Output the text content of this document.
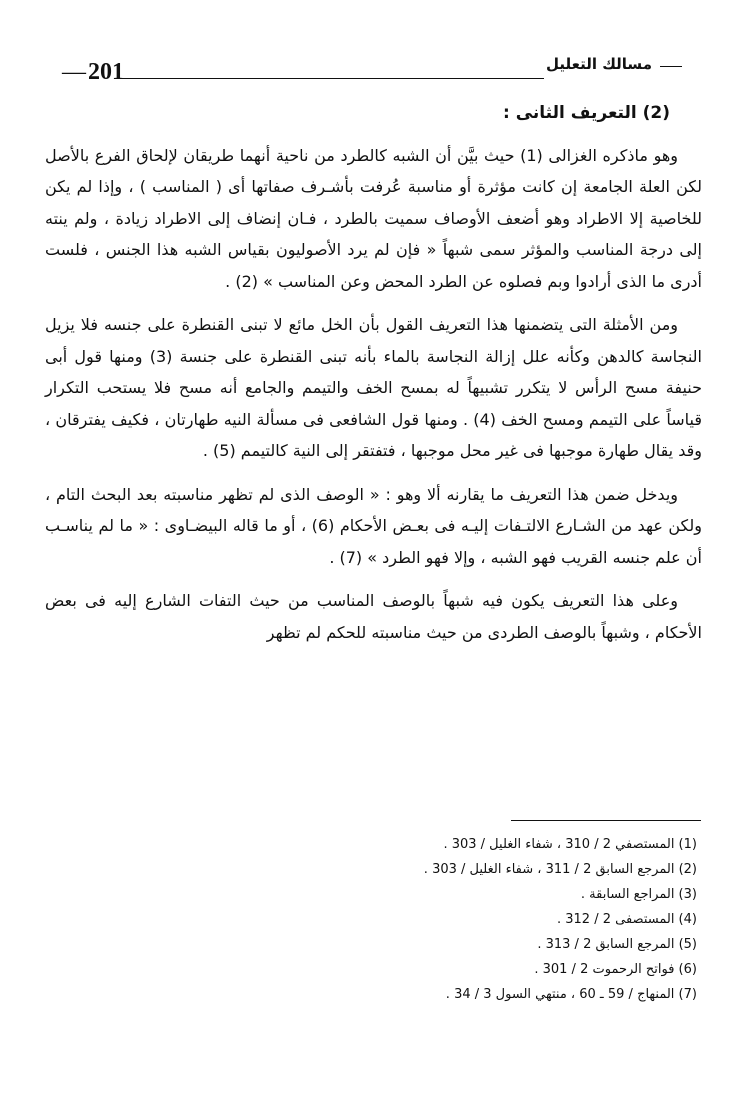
— 201	مسالك التعليل

(2) التعريف الثانى :

وهو ماذكره الغزالى (1) حيث بيَّن أن الشبه كالطرد من ناحية أنهما طريقان لإلحاق الفرع بالأصل لكن العلة الجامعة إن كانت مؤثرة أو مناسبة عُرفت بأشـرف صفاتها أى ( المناسب ) ، وإذا لم يكن للخاصية إلا الاطراد وهو أضعف الأوصاف سميت بالطرد ، فـان إنضاف إلى الاطراد زيادة ، ولم ينته إلى درجة المناسب والمؤثر سمى شبهاً « فإن لم يرد الأصوليون بقياس الشبه هذا الجنس ، فلست أدرى ما الذى أرادوا وبم فصلوه عن الطرد المحض وعن المناسب » (2) .

ومن الأمثلة التى يتضمنها هذا التعريف القول بأن الخل مائع لا تبنى القنطرة على جنسه فلا يزيل النجاسة كالدهن وكأنه علل إزالة النجاسة بالماء بأنه تبنى القنطرة على جنسة (3) ومنها قول أبى حنيفة مسح الرأس لا يتكرر تشبيهاً له بمسح الخف والتيمم والجامع أنه مسح فلا يستحب التكرار قياساً على التيمم ومسح الخف (4) . ومنها قول الشافعى فى مسألة النيه طهارتان ، فكيف يفترقان ، وقد يقال طهارة موجبها فى غير محل موجبها ، فتفتقر إلى النية كالتيمم (5) .

ويدخل ضمن هذا التعريف ما يقارنه ألا وهو : « الوصف الذى لم تظهر مناسبته بعد البحث التام ، ولكن عهد من الشـارع الالتـفات إليـه فى بعـض الأحكام (6) ، أو ما قاله البيضـاوى : « ما لم يناسـب أن علم جنسه القريب فهو الشبه ، وإلا فهو الطرد » (7) .

وعلى هذا التعريف يكون فيه شبهاً بالوصف المناسب من حيث التفات الشارع إليه فى بعض الأحكام ، وشبهاً بالوصف الطردى من حيث مناسبته للحكم لم تظهر

(1) المستصفي 2 / 310 ، شفاء الغليل / 303 .
(2) المرجع السابق 2 / 311 ، شفاء الغليل / 303 .
(3) المراجع السابقة .
(4) المستصفى 2 / 312 .
(5) المرجع السابق 2 / 313 .
(6) فواتح الرحموت 2 / 301 .
(7) المنهاج / 59 ـ 60 ، منتهي السول 3 / 34 .
